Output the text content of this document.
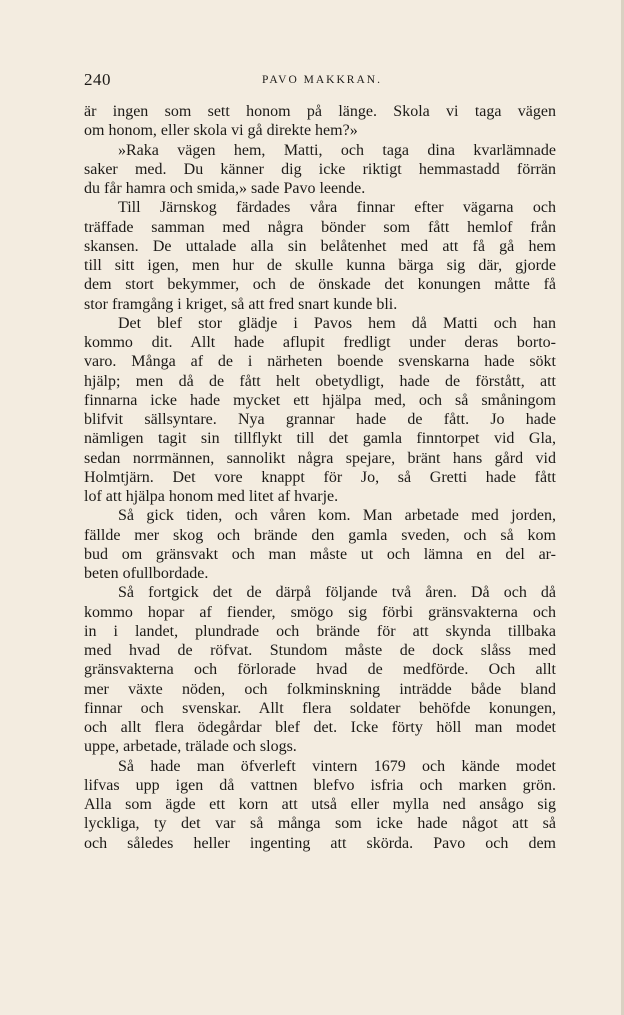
240	PAVO MAKKRAN.
är ingen som sett honom på länge. Skola vi taga vägen
om honom, eller skola vi gå direkte hem?»
»Raka vägen hem, Matti, och taga dina kvarlämnade
saker med. Du känner dig icke riktigt hemmastadd förrän
du får hamra och smida,» sade Pavo leende.
Till Järnskog färdades våra finnar efter vägarna och
träffade samman med några bönder som fått hemlof från
skansen. De uttalade alla sin belåtenhet med att få gå hem
till sitt igen, men hur de skulle kunna bärga sig där, gjorde
dem stort bekymmer, och de önskade det konungen måtte få
stor framgång i kriget, så att fred snart kunde bli.
Det blef stor glädje i Pavos hem då Matti och han
kommo dit. Allt hade aflupit fredligt under deras borto-
varo. Många af de i närheten boende svenskarna hade sökt
hjälp; men då de fått helt obetydligt, hade de förstått, att
finnarna icke hade mycket ett hjälpa med, och så småningom
blifvit sällsyntare. Nya grannar hade de fått. Jo hade
nämligen tagit sin tillflykt till det gamla finntorpet vid Gla,
sedan norrmännen, sannolikt några spejare, bränt hans gård vid
Holmtjärn. Det vore knappt för Jo, så Gretti hade fått
lof att hjälpa honom med litet af hvarje.
Så gick tiden, och våren kom. Man arbetade med jorden,
fällde mer skog och brände den gamla sveden, och så kom
bud om gränsvakt och man måste ut och lämna en del ar-
beten ofullbordade.
Så fortgick det de därpå följande två åren. Då och då
kommo hopar af fiender, smögo sig förbi gränsvakterna och
in i landet, plundrade och brände för att skynda tillbaka
med hvad de röfvat. Stundom måste de dock slåss med
gränsvakterna och förlorade hvad de medförde. Och allt
mer växte nöden, och folkminskning inträdde både bland
finnar och svenskar. Allt flera soldater behöfde konungen,
och allt flera ödegårdar blef det. Icke förty höll man modet
uppe, arbetade, trälade och slogs.
Så hade man öfverleft vintern 1679 och kände modet
lifvas upp igen då vattnen blefvo isfria och marken grön.
Alla som ägde ett korn att utså eller mylla ned ansågo sig
lyckliga, ty det var så många som icke hade något att så
och således heller ingenting att skörda. Pavo och dem
